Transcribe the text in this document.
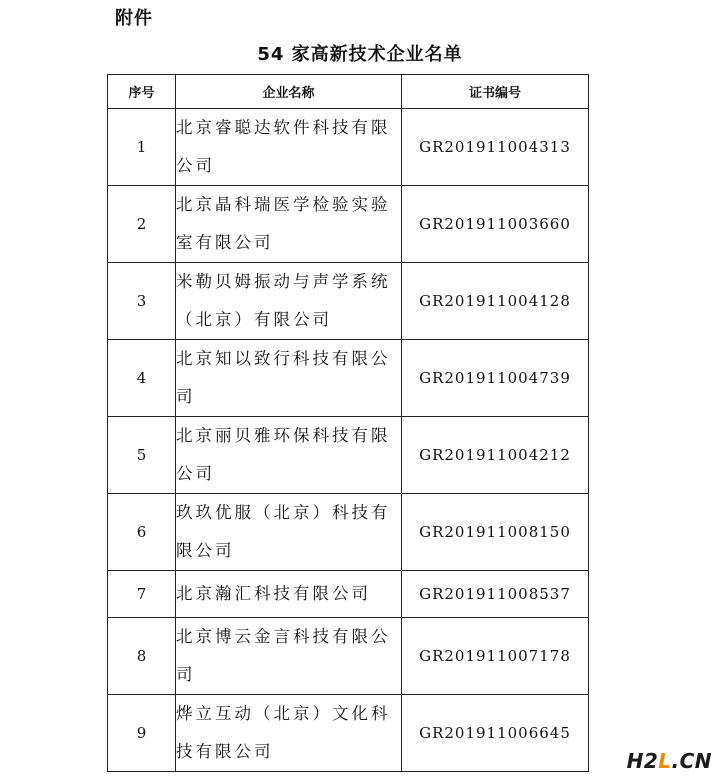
附件
54 家高新技术企业名单
序号	企业名称	证书编号
1	北京睿聪达软件科技有限公司	GR201911004313
2	北京晶科瑞医学检验实验室有限公司	GR201911003660
3	米勒贝姆振动与声学系统（北京）有限公司	GR201911004128
4	北京知以致行科技有限公司	GR201911004739
5	北京丽贝雅环保科技有限公司	GR201911004212
6	玖玖优服（北京）科技有限公司	GR201911008150
7	北京瀚汇科技有限公司	GR201911008537
8	北京博云金言科技有限公司	GR201911007178
9	烨立互动（北京）文化科技有限公司	GR201911006645
H2L.CN
